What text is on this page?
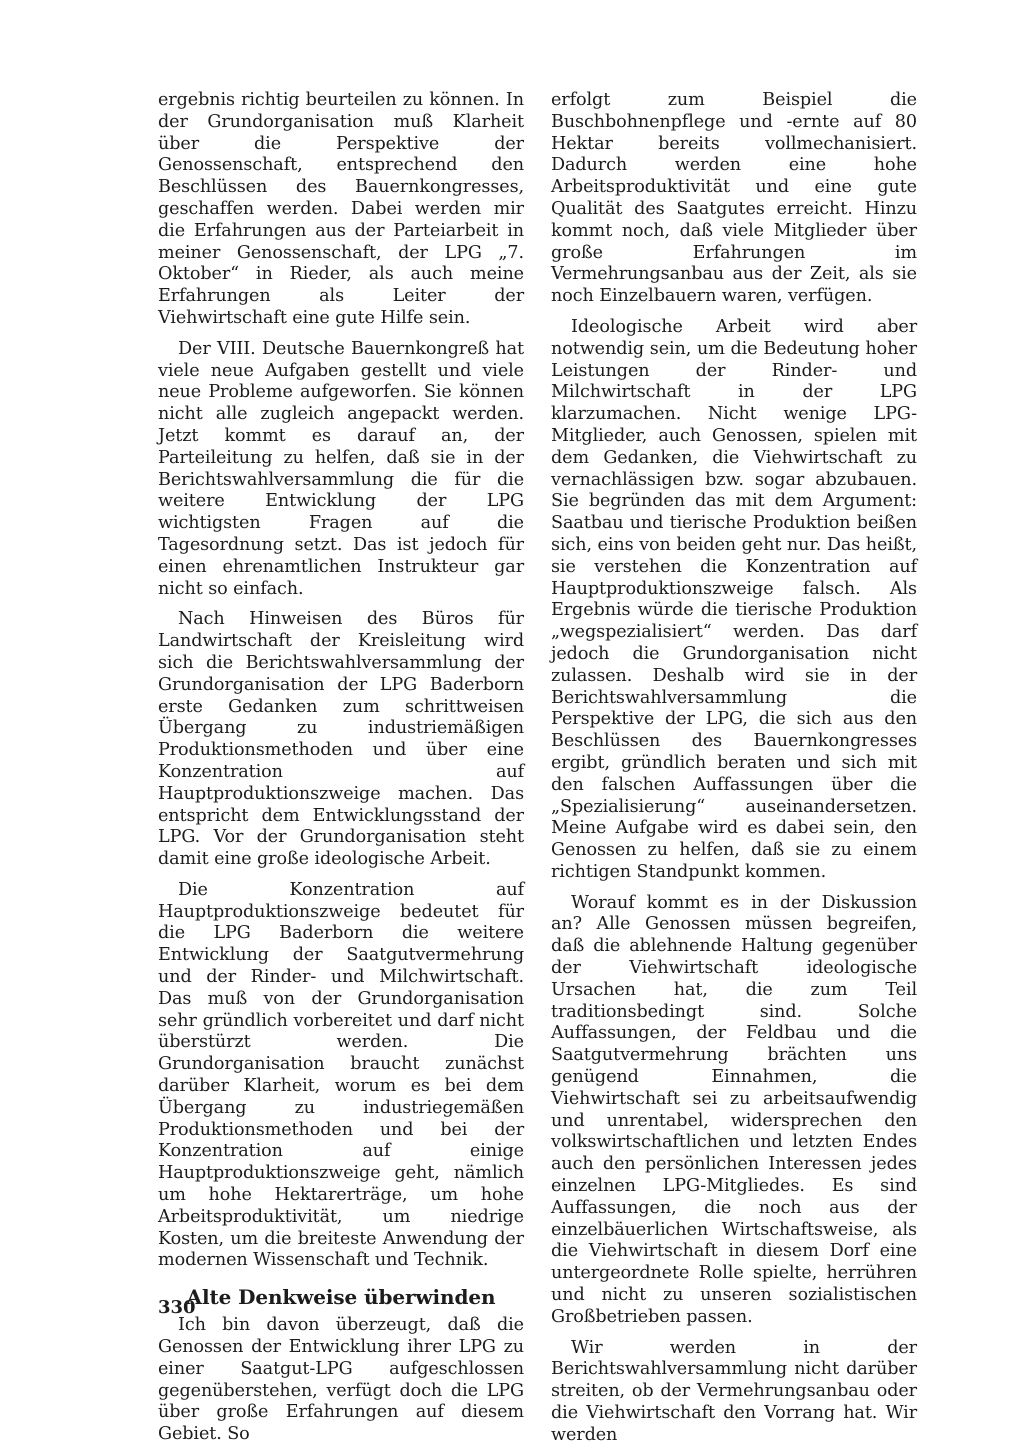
ergebnis richtig beurteilen zu können. In der Grundorganisation muß Klarheit über die Perspektive der Genossenschaft, entsprechend den Beschlüssen des Bauernkongresses, geschaffen werden. Dabei werden mir die Erfahrungen aus der Parteiarbeit in meiner Genossenschaft, der LPG „7. Oktober“ in Rieder, als auch meine Erfahrungen als Leiter der Viehwirtschaft eine gute Hilfe sein.

Der VIII. Deutsche Bauernkongreß hat viele neue Aufgaben gestellt und viele neue Probleme aufgeworfen. Sie können nicht alle zugleich angepackt werden. Jetzt kommt es darauf an, der Parteileitung zu helfen, daß sie in der Berichtswahlversammlung die für die weitere Entwicklung der LPG wichtigsten Fragen auf die Tagesordnung setzt. Das ist jedoch für einen ehrenamtlichen Instrukteur gar nicht so einfach.

Nach Hinweisen des Büros für Landwirtschaft der Kreisleitung wird sich die Berichtswahlversammlung der Grundorganisation der LPG Baderborn erste Gedanken zum schrittweisen Übergang zu industriemäßigen Produktionsmethoden und über eine Konzentration auf Hauptproduktionszweige machen. Das entspricht dem Entwicklungsstand der LPG. Vor der Grundorganisation steht damit eine große ideologische Arbeit.

Die Konzentration auf Hauptproduktionszweige bedeutet für die LPG Baderborn die weitere Entwicklung der Saatgutvermehrung und der Rinder- und Milchwirtschaft. Das muß von der Grundorganisation sehr gründlich vorbereitet und darf nicht überstürzt werden. Die Grundorganisation braucht zunächst darüber Klarheit, worum es bei dem Übergang zu industriegemäßen Produktionsmethoden und bei der Konzentration auf einige Hauptproduktionszweige geht, nämlich um hohe Hektarerträge, um hohe Arbeitsproduktivität, um niedrige Kosten, um die breiteste Anwendung der modernen Wissenschaft und Technik.

Alte Denkweise überwinden

Ich bin davon überzeugt, daß die Genossen der Entwicklung ihrer LPG zu einer Saatgut-LPG aufgeschlossen gegenüberstehen, verfügt doch die LPG über große Erfahrungen auf diesem Gebiet. So

erfolgt zum Beispiel die Buschbohnenpflege und -ernte auf 80 Hektar bereits vollmechanisiert. Dadurch werden eine hohe Arbeitsproduktivität und eine gute Qualität des Saatgutes erreicht. Hinzu kommt noch, daß viele Mitglieder über große Erfahrungen im Vermehrungsanbau aus der Zeit, als sie noch Einzelbauern waren, verfügen.

Ideologische Arbeit wird aber notwendig sein, um die Bedeutung hoher Leistungen der Rinder- und Milchwirtschaft in der LPG klarzumachen. Nicht wenige LPG-Mitglieder, auch Genossen, spielen mit dem Gedanken, die Viehwirtschaft zu vernachlässigen bzw. sogar abzubauen. Sie begründen das mit dem Argument: Saatbau und tierische Produktion beißen sich, eins von beiden geht nur. Das heißt, sie verstehen die Konzentration auf Hauptproduktionszweige falsch. Als Ergebnis würde die tierische Produktion „wegspezialisiert“ werden. Das darf jedoch die Grundorganisation nicht zulassen. Deshalb wird sie in der Berichtswahlversammlung die Perspektive der LPG, die sich aus den Beschlüssen des Bauernkongresses ergibt, gründlich beraten und sich mit den falschen Auffassungen über die „Spezialisierung“ auseinandersetzen. Meine Aufgabe wird es dabei sein, den Genossen zu helfen, daß sie zu einem richtigen Standpunkt kommen.

Worauf kommt es in der Diskussion an? Alle Genossen müssen begreifen, daß die ablehnende Haltung gegenüber der Viehwirtschaft ideologische Ursachen hat, die zum Teil traditionsbedingt sind. Solche Auffassungen, der Feldbau und die Saatgutvermehrung brächten uns genügend Einnahmen, die Viehwirtschaft sei zu arbeitsaufwendig und unrentabel, widersprechen den volkswirtschaftlichen und letzten Endes auch den persönlichen Interessen jedes einzelnen LPG-Mitgliedes. Es sind Auffassungen, die noch aus der einzelbäuerlichen Wirtschaftsweise, als die Viehwirtschaft in diesem Dorf eine untergeordnete Rolle spielte, herrühren und nicht zu unseren sozialistischen Großbetrieben passen.

Wir werden in der Berichtswahlversammlung nicht darüber streiten, ob der Vermehrungsanbau oder die Viehwirtschaft den Vorrang hat. Wir werden

330
